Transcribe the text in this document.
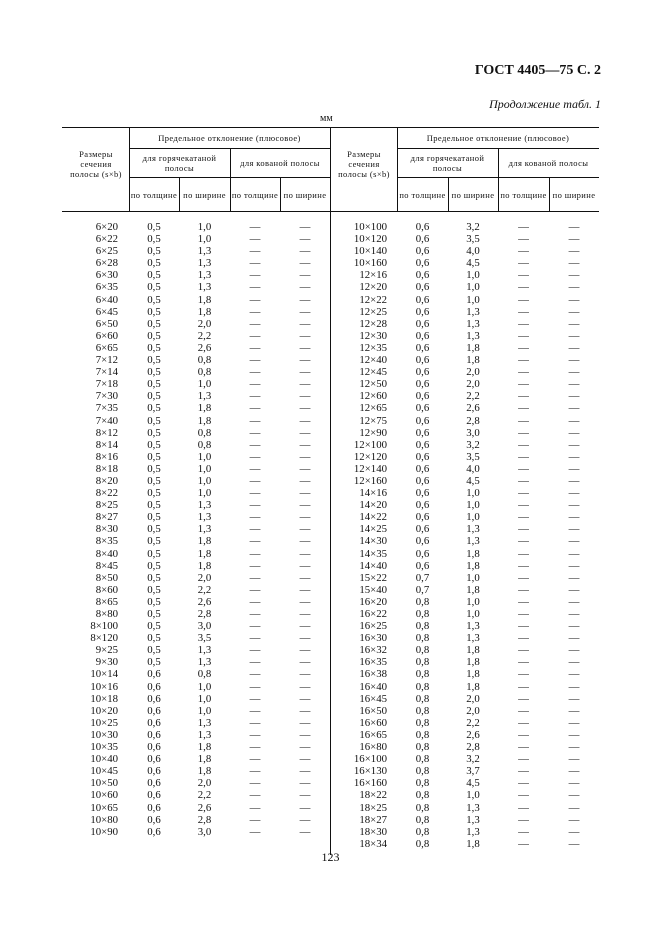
ГОСТ 4405—75 С. 2
Продолжение табл. 1
мм
Размеры сечения полосы (s×b)
Предельное отклонение (плюсовое)
для горячекатаной полосы	для кованой полосы
по толщине по ширине по толщине по ширине
Размеры сечения полосы (s×b)
Предельное отклонение (плюсовое)
для горячекатаной полосы	для кованой полосы
по толщине по ширине по толщине по ширине
6×20
6×22
6×25
6×28
6×30
6×35
6×40
6×45
6×50
6×60
6×65
7×12
7×14
7×18
7×30
7×35
7×40
8×12
8×14
8×16
8×18
8×20
8×22
8×25
8×27
8×30
8×35
8×40
8×45
8×50
8×60
8×65
8×80
8×100
8×120
9×25
9×30
10×14
10×16
10×18
10×20
10×25
10×30
10×35
10×40
10×45
10×50
10×60
10×65
10×80
10×90
0,5
0,5
0,5
0,5
0,5
0,5
0,5
0,5
0,5
0,5
0,5
0,5
0,5
0,5
0,5
0,5
0,5
0,5
0,5
0,5
0,5
0,5
0,5
0,5
0,5
0,5
0,5
0,5
0,5
0,5
0,5
0,5
0,5
0,5
0,5
0,5
0,5
0,6
0,6
0,6
0,6
0,6
0,6
0,6
0,6
0,6
0,6
0,6
0,6
0,6
0,6
1,0
1,0
1,3
1,3
1,3
1,3
1,8
1,8
2,0
2,2
2,6
0,8
0,8
1,0
1,3
1,8
1,8
0,8
0,8
1,0
1,0
1,0
1,0
1,3
1,3
1,3
1,8
1,8
1,8
2,0
2,2
2,6
2,8
3,0
3,5
1,3
1,3
0,8
1,0
1,0
1,0
1,3
1,3
1,8
1,8
1,8
2,0
2,2
2,6
2,8
3,0
—
—
—
—
—
—
—
—
—
—
—
—
—
—
—
—
—
—
—
—
—
—
—
—
—
—
—
—
—
—
—
—
—
—
—
—
—
—
—
—
—
—
—
—
—
—
—
—
—
—
—
—
—
—
—
—
—
—
—
—
—
—
—
—
—
—
—
—
—
—
—
—
—
—
—
—
—
—
—
—
—
—
—
—
—
—
—
—
—
—
—
—
—
—
—
—
—
—
—
—
—
—
10×100
10×120
10×140
10×160
12×16
12×20
12×22
12×25
12×28
12×30
12×35
12×40
12×45
12×50
12×60
12×65
12×75
12×90
12×100
12×120
12×140
12×160
14×16
14×20
14×22
14×25
14×30
14×35
14×40
15×22
15×40
16×20
16×22
16×25
16×30
16×32
16×35
16×38
16×40
16×45
16×50
16×60
16×65
16×80
16×100
16×130
16×160
18×22
18×25
18×27
18×30
18×34
0,6
0,6
0,6
0,6
0,6
0,6
0,6
0,6
0,6
0,6
0,6
0,6
0,6
0,6
0,6
0,6
0,6
0,6
0,6
0,6
0,6
0,6
0,6
0,6
0,6
0,6
0,6
0,6
0,6
0,7
0,7
0,8
0,8
0,8
0,8
0,8
0,8
0,8
0,8
0,8
0,8
0,8
0,8
0,8
0,8
0,8
0,8
0,8
0,8
0,8
0,8
0,8
3,2
3,5
4,0
4,5
1,0
1,0
1,0
1,3
1,3
1,3
1,8
1,8
2,0
2,0
2,2
2,6
2,8
3,0
3,2
3,5
4,0
4,5
1,0
1,0
1,0
1,3
1,3
1,8
1,8
1,0
1,8
1,0
1,0
1,3
1,3
1,8
1,8
1,8
1,8
2,0
2,0
2,2
2,6
2,8
3,2
3,7
4,5
1,0
1,3
1,3
1,3
1,8
—
—
—
—
—
—
—
—
—
—
—
—
—
—
—
—
—
—
—
—
—
—
—
—
—
—
—
—
—
—
—
—
—
—
—
—
—
—
—
—
—
—
—
—
—
—
—
—
—
—
—
—
—
—
—
—
—
—
—
—
—
—
—
—
—
—
—
—
—
—
—
—
—
—
—
—
—
—
—
—
—
—
—
—
—
—
—
—
—
—
—
—
—
—
—
—
—
—
—
—
—
—
—
—
123
